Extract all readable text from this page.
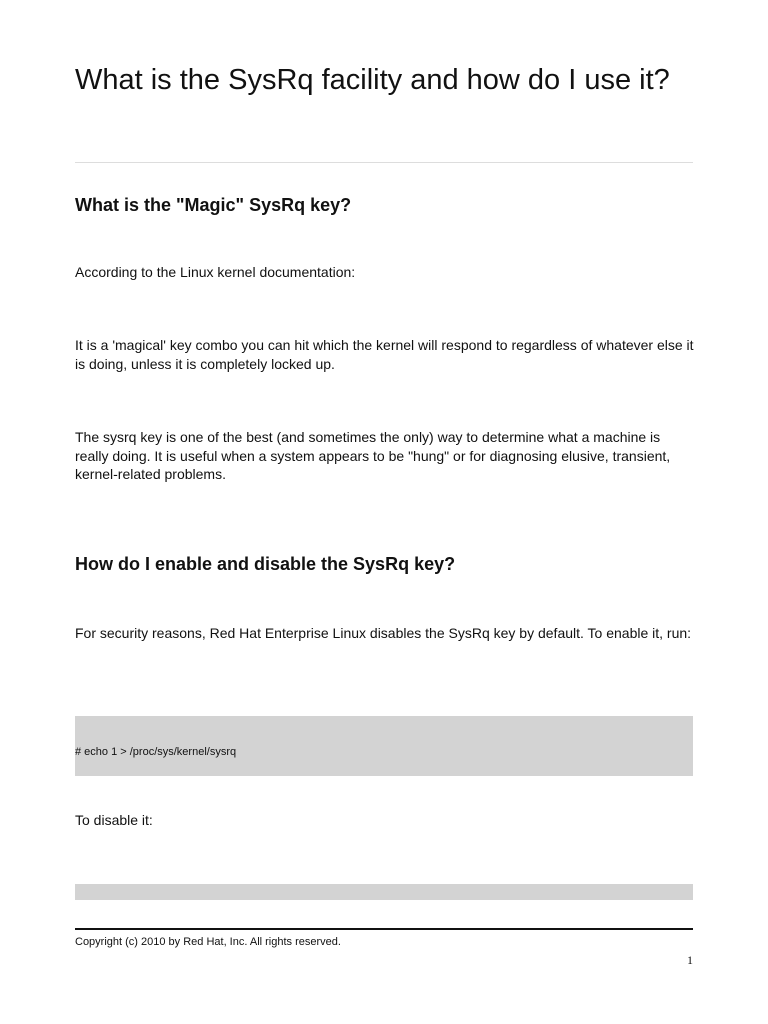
What is the SysRq facility and how do I use it?
What is the "Magic" SysRq key?

According to the Linux kernel documentation:

It is a 'magical' key combo you can hit which the kernel will respond to regardless of whatever else it is doing, unless it is completely locked up.

The sysrq key is one of the best (and sometimes the only) way to determine what a machine is really doing. It is useful when a system appears to be "hung" or for diagnosing elusive, transient, kernel-related problems.

How do I enable and disable the SysRq key?

For security reasons, Red Hat Enterprise Linux disables the SysRq key by default. To enable it, run:

# echo 1 > /proc/sys/kernel/sysrq

To disable it:

Copyright (c) 2010 by Red Hat, Inc. All rights reserved.
1
